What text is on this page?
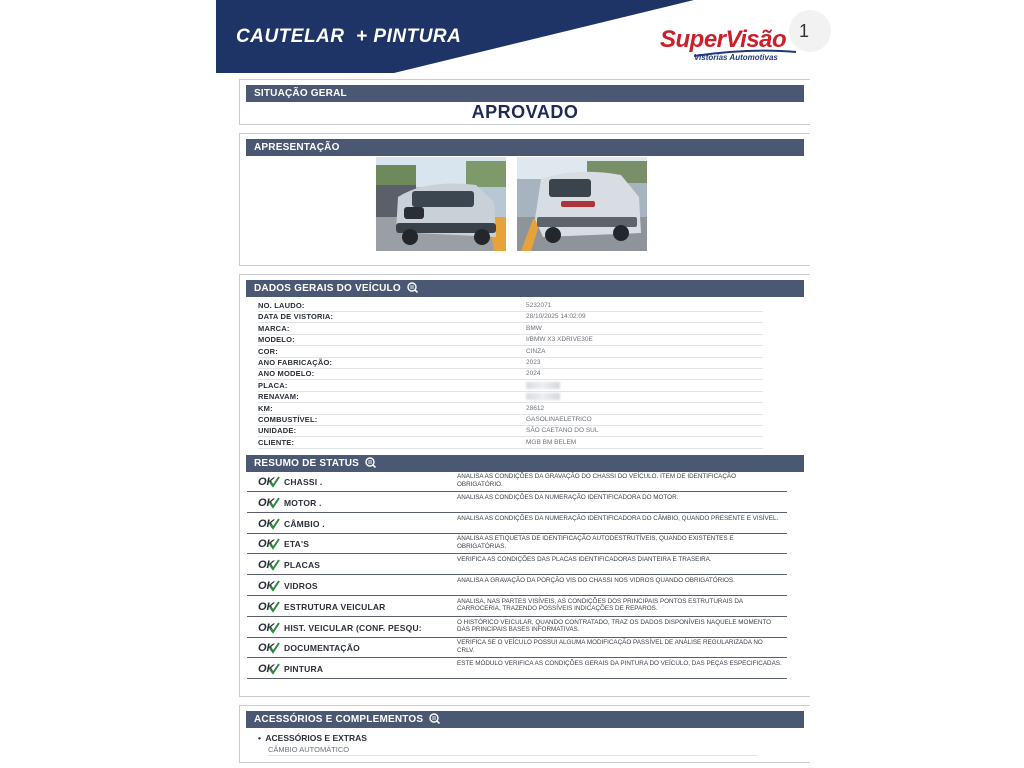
CAUTELAR  + PINTURA	1
SuperVisão
Vistorias Automotivas
SITUAÇÃO GERAL
APROVADO
APRESENTAÇÃO
DADOS GERAIS DO VEÍCULO
NO. LAUDO:	5232071
DATA DE VISTORIA:	28/10/2025 14:02:09
MARCA:	BMW
MODELO:	I/BMW X3 XDRIVE30E
COR:	CINZA
ANO FABRICAÇÃO:	2023
ANO MODELO:	2024
PLACA:
RENAVAM:
KM:	28612
COMBUSTÍVEL:	GASOLINAELETRICO
UNIDADE:	SÃO CAETANO DO SUL
CLIENTE:	MGB BM BELEM
RESUMO DE STATUS
OK CHASSI .
ANALISA AS CONDIÇÕES DA GRAVAÇÃO DO CHASSI DO VEÍCULO. ITEM DE IDENTIFICAÇÃO OBRIGATÓRIO.
OK MOTOR .
ANALISA AS CONDIÇÕES DA NUMERAÇÃO IDENTIFICADORA DO MOTOR.
OK CÂMBIO .
ANALISA AS CONDIÇÕES DA NUMERAÇÃO IDENTIFICADORA DO CÂMBIO, QUANDO PRESENTE E VISÍVEL.
OK ETA'S
ANALISA AS ETIQUETAS DE IDENTIFICAÇÃO AUTODESTRUTÍVEIS, QUANDO EXISTENTES E OBRIGATÓRIAS.
OK PLACAS
VERIFICA AS CONDIÇÕES DAS PLACAS IDENTIFICADORAS DIANTEIRA E TRASEIRA.
OK VIDROS
ANALISA A GRAVAÇÃO DA PORÇÃO VIS DO CHASSI NOS VIDROS QUANDO OBRIGATÓRIOS.
OK ESTRUTURA VEICULAR
ANALISA, NAS PARTES VISÍVEIS, AS CONDIÇÕES DOS PRINCIPAIS PONTOS ESTRUTURAIS DA CARROCERIA, TRAZENDO POSSÍVEIS INDICAÇÕES DE REPAROS.
OK HIST. VEICULAR (CONF. PESQU:
O HISTÓRICO VEICULAR, QUANDO CONTRATADO, TRAZ OS DADOS DISPONÍVEIS NAQUELE MOMENTO DAS PRINCIPAIS BASES INFORMATIVAS.
OK DOCUMENTAÇÃO
VERIFICA SE O VEÍCULO POSSUI ALGUMA MODIFICAÇÃO PASSÍVEL DE ANÁLISE REGULARIZADA NO CRLV.
OK PINTURA
ESTE MÓDULO VERIFICA AS CONDIÇÕES GERAIS DA PINTURA DO VEÍCULO, DAS PEÇAS ESPECIFICADAS.
ACESSÓRIOS E COMPLEMENTOS
•  ACESSÓRIOS E EXTRAS
CÂMBIO AUTOMÁTICO
